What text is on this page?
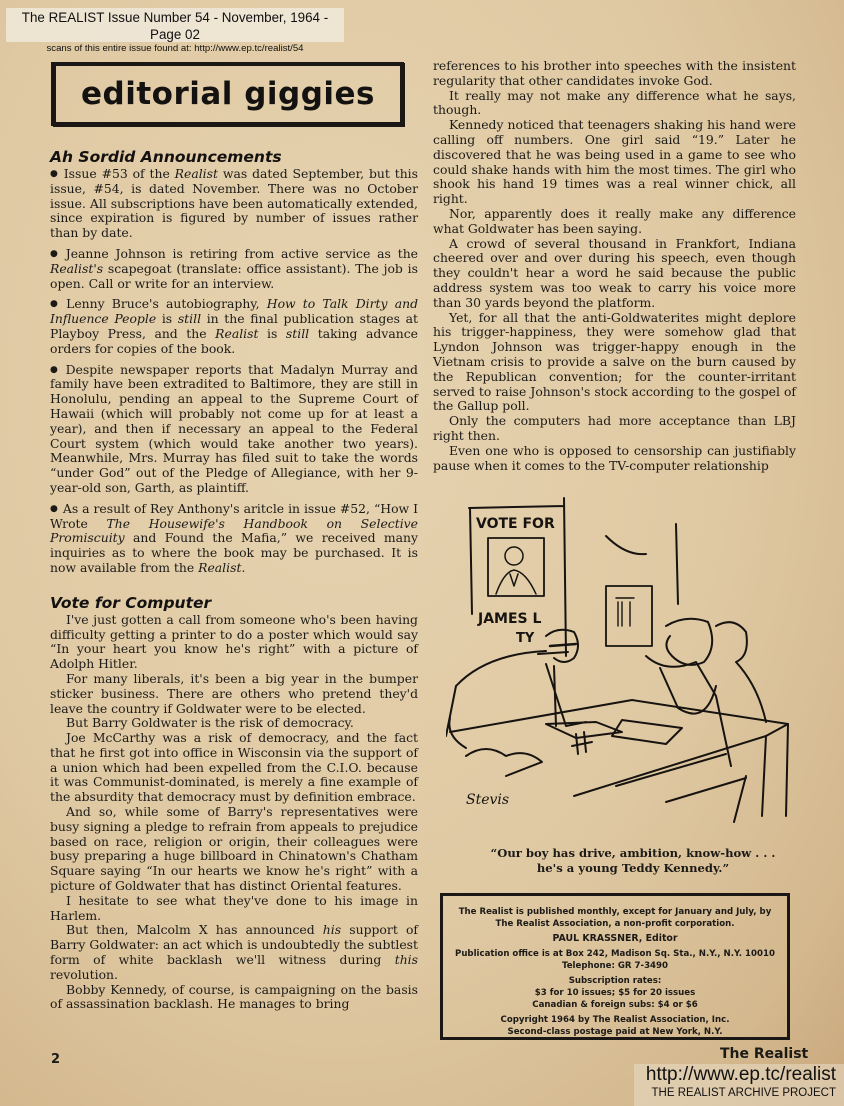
The REALIST Issue Number 54 - November, 1964 - Page 02
scans of this entire issue found at: http://www.ep.tc/realist/54
editorial giggies
Ah Sordid Announcements

● Issue #53 of the Realist was dated September, but this issue, #54, is dated November. There was no October issue. All subscriptions have been automatically extended, since expiration is figured by number of issues rather than by date.

● Jeanne Johnson is retiring from active service as the Realist's scapegoat (translate: office assistant). The job is open. Call or write for an interview.

● Lenny Bruce's autobiography, How to Talk Dirty and Influence People is still in the final publication stages at Playboy Press, and the Realist is still taking advance orders for copies of the book.

● Despite newspaper reports that Madalyn Murray and family have been extradited to Baltimore, they are still in Honolulu, pending an appeal to the Supreme Court of Hawaii (which will probably not come up for at least a year), and then if necessary an appeal to the Federal Court system (which would take another two years). Meanwhile, Mrs. Murray has filed suit to take the words “under God” out of the Pledge of Allegiance, with her 9-year-old son, Garth, as plaintiff.

● As a result of Rey Anthony's aritcle in issue #52, “How I Wrote The Housewife's Handbook on Selective Promiscuity and Found the Mafia,” we received many inquiries as to where the book may be purchased. It is now available from the Realist.

Vote for Computer

I've just gotten a call from someone who's been having difficulty getting a printer to do a poster which would say “In your heart you know he's right” with a picture of Adolph Hitler.

For many liberals, it's been a big year in the bumper sticker business. There are others who pretend they'd leave the country if Goldwater were to be elected.

But Barry Goldwater is the risk of democracy.

Joe McCarthy was a risk of democracy, and the fact that he first got into office in Wisconsin via the support of a union which had been expelled from the C.I.O. because it was Communist-dominated, is merely a fine example of the absurdity that democracy must by definition embrace.

And so, while some of Barry's representatives were busy signing a pledge to refrain from appeals to prejudice based on race, religion or origin, their colleagues were busy preparing a huge billboard in Chinatown's Chatham Square saying “In our hearts we know he's right” with a picture of Goldwater that has distinct Oriental features.

I hesitate to see what they've done to his image in Harlem.

But then, Malcolm X has announced his support of Barry Goldwater: an act which is undoubtedly the subtlest form of white backlash we'll witness during this revolution.

Bobby Kennedy, of course, is campaigning on the basis of assassination backlash. He manages to bring

references to his brother into speeches with the insistent regularity that other candidates invoke God.

It really may not make any difference what he says, though.

Kennedy noticed that teenagers shaking his hand were calling off numbers. One girl said “19.” Later he discovered that he was being used in a game to see who could shake hands with him the most times. The girl who shook his hand 19 times was a real winner chick, all right.

Nor, apparently does it really make any difference what Goldwater has been saying.

A crowd of several thousand in Frankfort, Indiana cheered over and over during his speech, even though they couldn't hear a word he said because the public address system was too weak to carry his voice more than 30 yards beyond the platform.

Yet, for all that the anti-Goldwaterites might deplore his trigger-happiness, they were somehow glad that Lyndon Johnson was trigger-happy enough in the Vietnam crisis to provide a salve on the burn caused by the Republican convention; for the counter-irritant served to raise Johnson's stock according to the gospel of the Gallup poll.

Only the computers had more acceptance than LBJ right then.

Even one who is opposed to censorship can justifiably pause when it comes to the TV-computer relationship

VOTE FOR
JAMES L
TY
Stevis
“Our boy has drive, ambition, know-how . . .
he's a young Teddy Kennedy.”
The Realist is published monthly, except for January and July, by
The Realist Association, a non-profit corporation.
PAUL KRASSNER, Editor
Publication office is at Box 242, Madison Sq. Sta., N.Y., N.Y. 10010
Telephone: GR 7-3490
Subscription rates:
$3 for 10 issues; $5 for 20 issues
Canadian & foreign subs: $4 or $6
Copyright 1964 by The Realist Association, Inc.
Second-class postage paid at New York, N.Y.
2	The Realist
http://www.ep.tc/realist
THE REALIST ARCHIVE PROJECT
